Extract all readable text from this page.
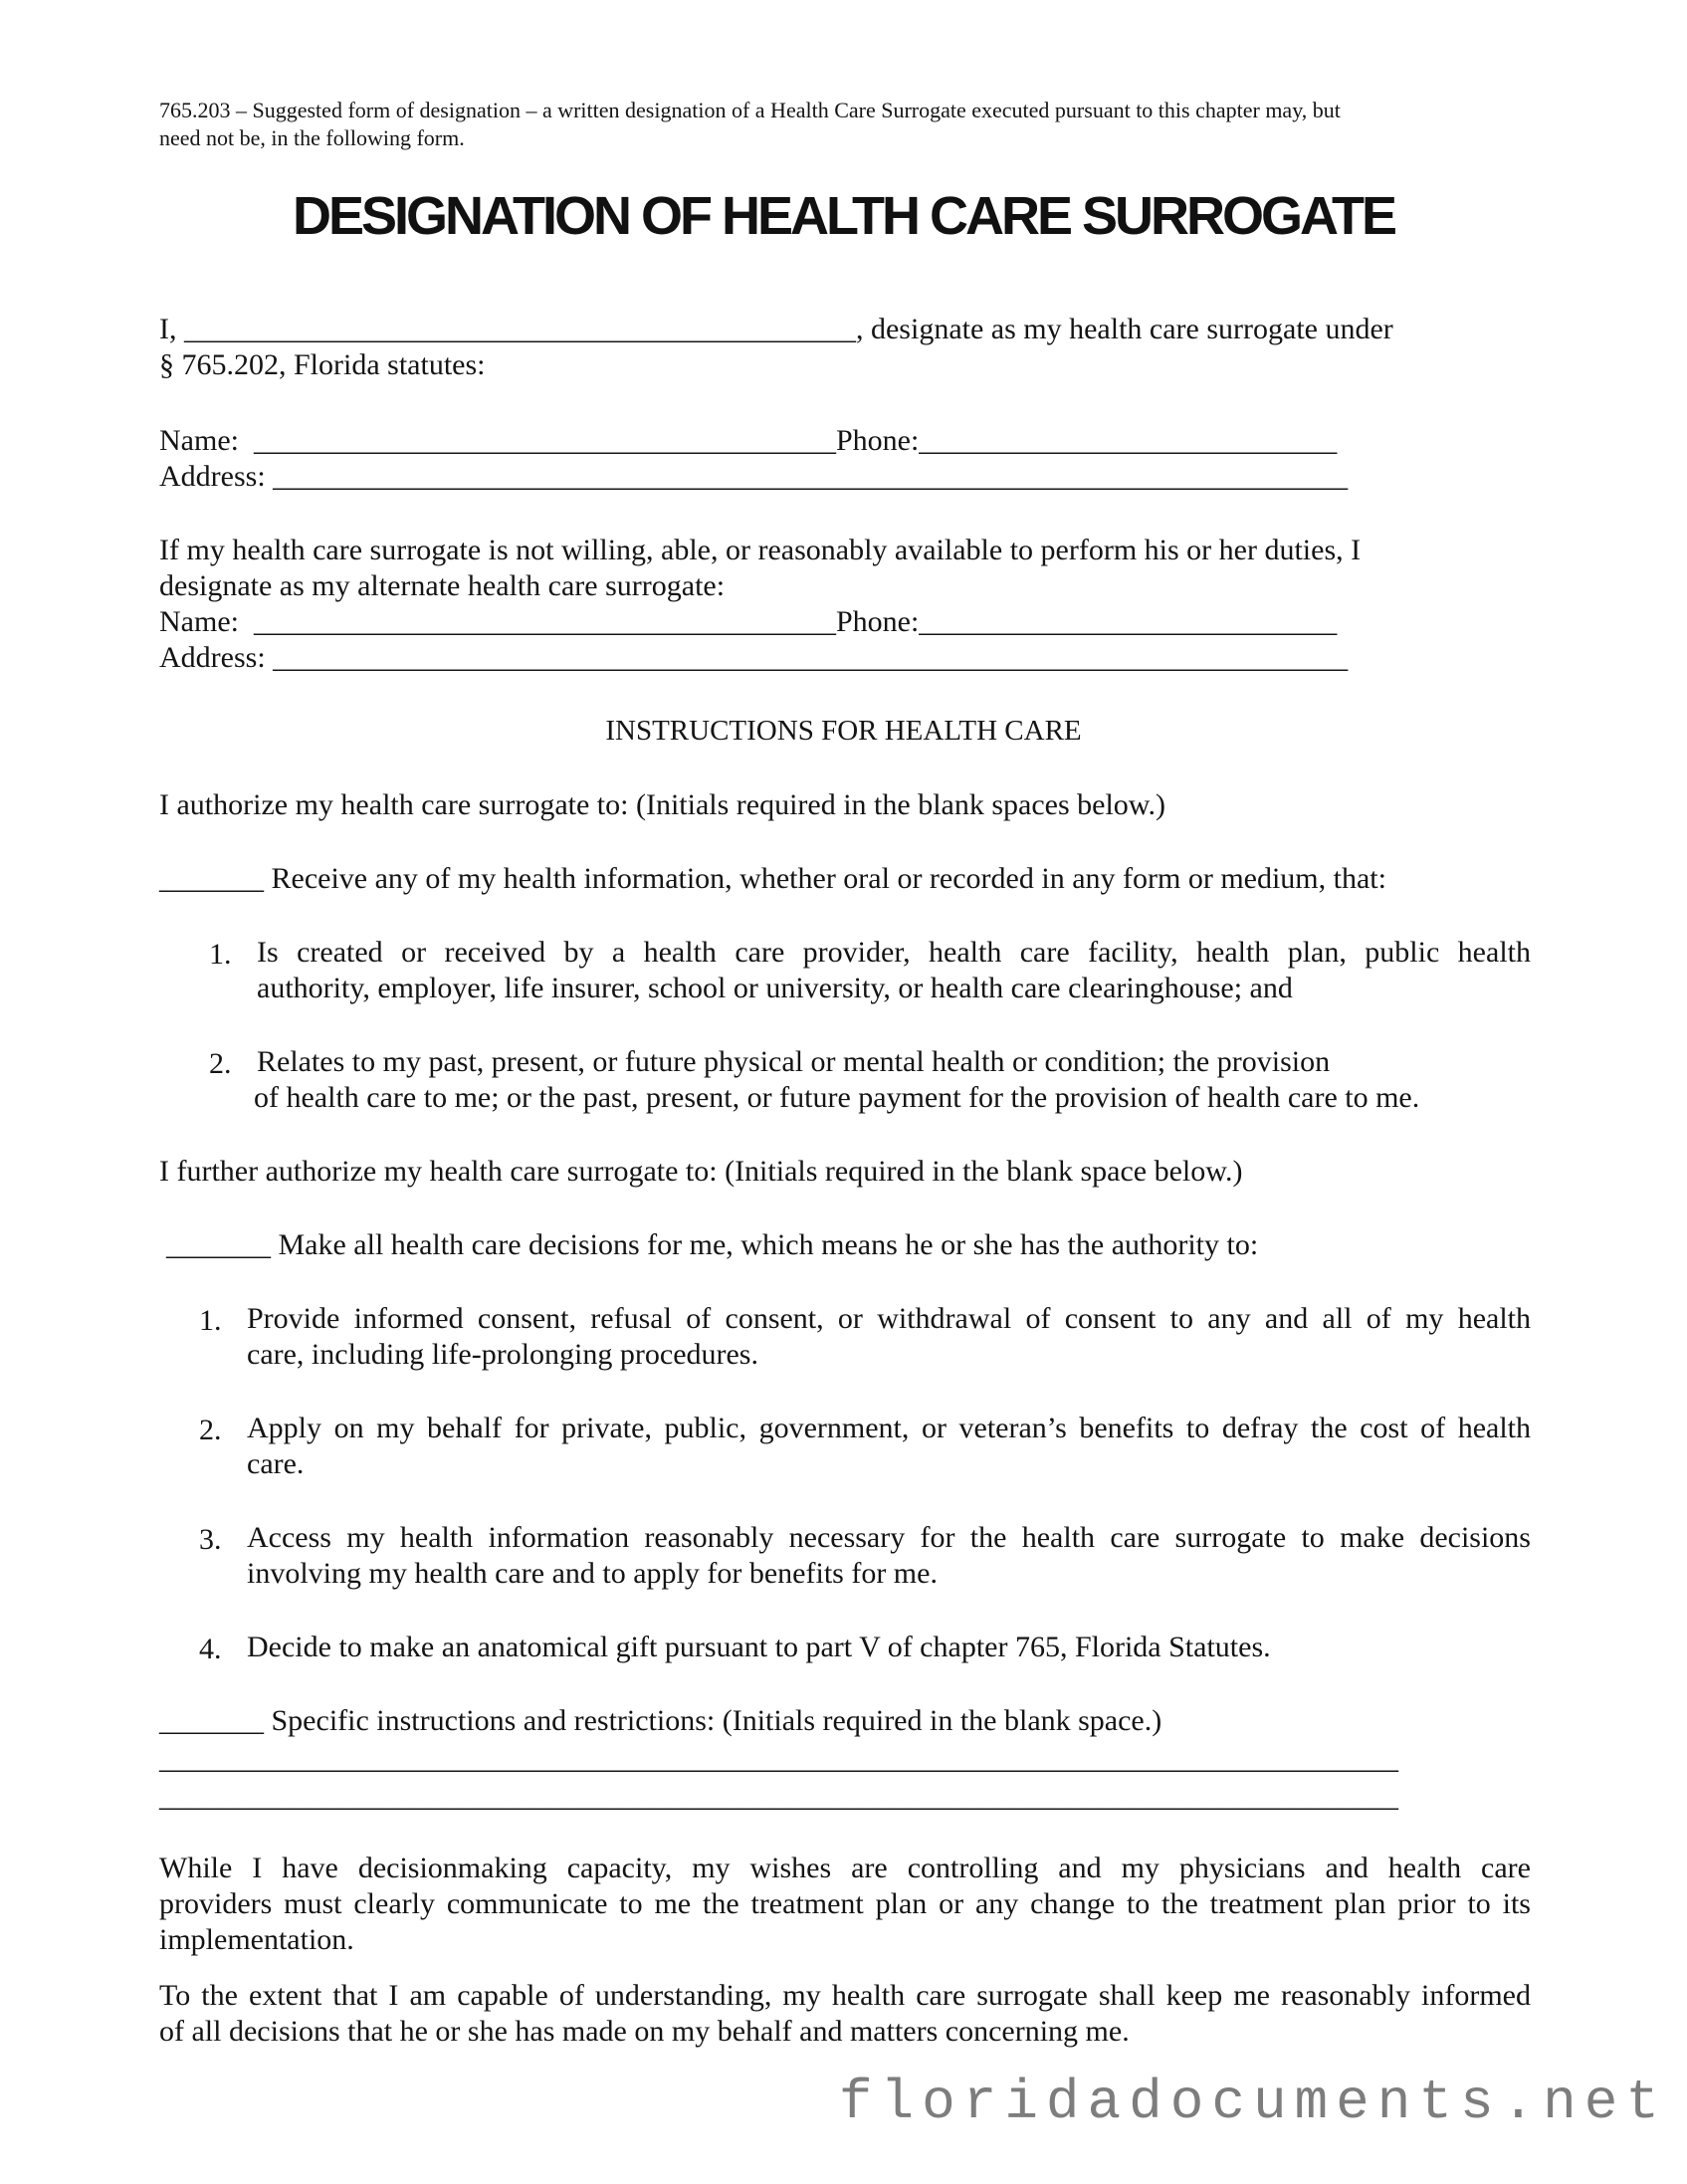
765.203 – Suggested form of designation – a written designation of a Health Care Surrogate executed pursuant to this chapter may, but
need not be, in the following form.
DESIGNATION OF HEALTH CARE SURROGATE
I, _____________________________________________, designate as my health care surrogate under
§ 765.202, Florida statutes:
Name:  _______________________________________Phone:____________________________
Address: ________________________________________________________________________
If my health care surrogate is not willing, able, or reasonably available to perform his or her duties, I
designate as my alternate health care surrogate:
Name:  _______________________________________Phone:____________________________
Address: ________________________________________________________________________
INSTRUCTIONS FOR HEALTH CARE
I authorize my health care surrogate to: (Initials required in the blank spaces below.)
_______ Receive any of my health information, whether oral or recorded in any form or medium, that:
1. Is created or received by a health care provider, health care facility, health plan, public health
authority, employer, life insurer, school or university, or health care clearinghouse; and
2. Relates to my past, present, or future physical or mental health or condition; the provision
of health care to me; or the past, present, or future payment for the provision of health care to me.
I further authorize my health care surrogate to: (Initials required in the blank space below.)
_______ Make all health care decisions for me, which means he or she has the authority to:
1. Provide informed consent, refusal of consent, or withdrawal of consent to any and all of my health
care, including life-prolonging procedures.
2. Apply on my behalf for private, public, government, or veteran’s benefits to defray the cost of health
care.
3. Access my health information reasonably necessary for the health care surrogate to make decisions
involving my health care and to apply for benefits for me.
4. Decide to make an anatomical gift pursuant to part V of chapter 765, Florida Statutes.
_______ Specific instructions and restrictions: (Initials required in the blank space.)
___________________________________________________________________________________
___________________________________________________________________________________
While I have decisionmaking capacity, my wishes are controlling and my physicians and health care
providers must clearly communicate to me the treatment plan or any change to the treatment plan prior to its
implementation.
To the extent that I am capable of understanding, my health care surrogate shall keep me reasonably informed
of all decisions that he or she has made on my behalf and matters concerning me.
floridadocuments.net
